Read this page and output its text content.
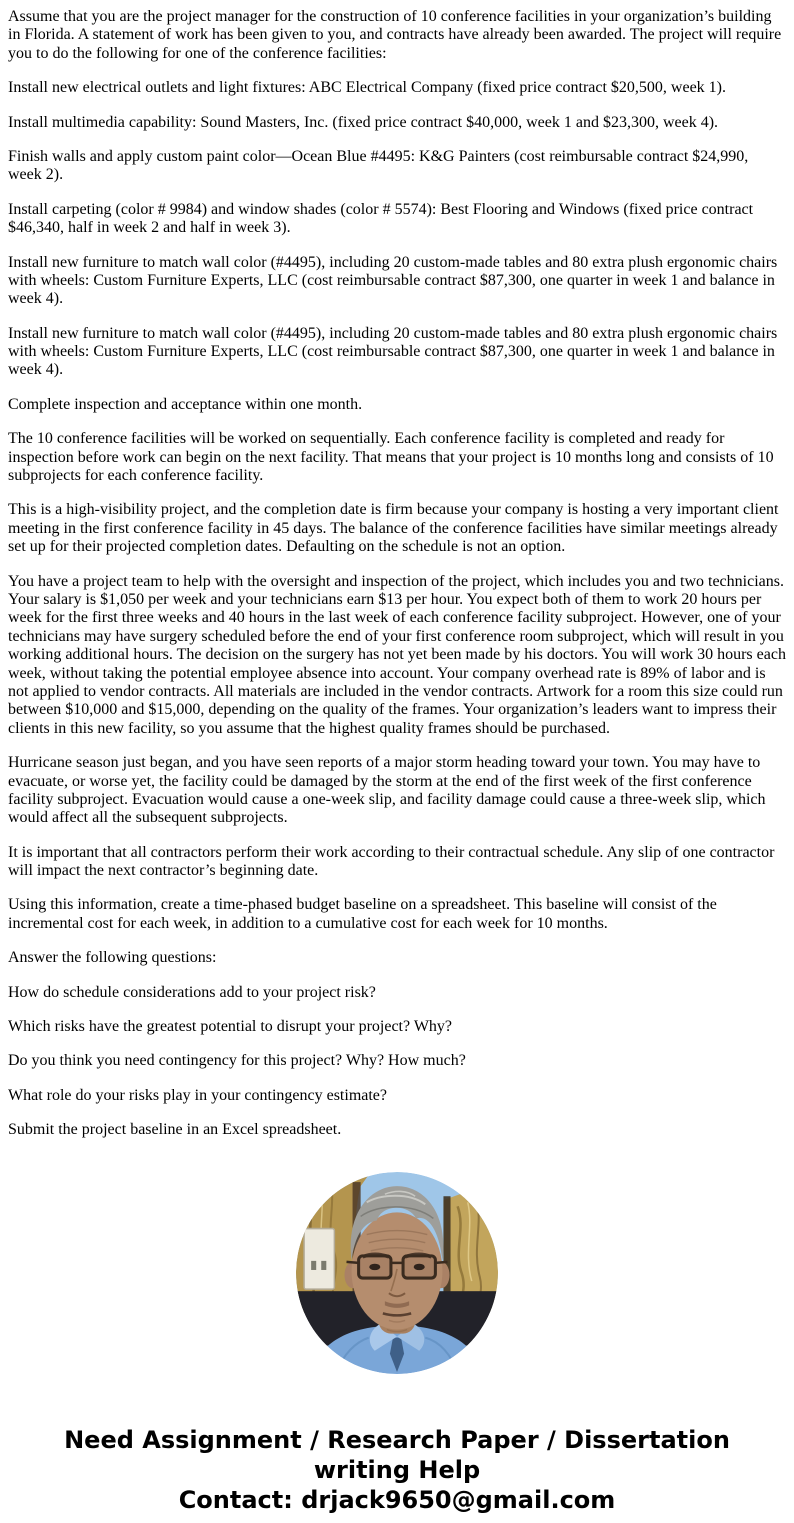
Assume that you are the project manager for the construction of 10 conference facilities in your organization’s building in Florida. A statement of work has been given to you, and contracts have already been awarded. The project will require you to do the following for one of the conference facilities:

Install new electrical outlets and light fixtures: ABC Electrical Company (fixed price contract $20,500, week 1).

Install multimedia capability: Sound Masters, Inc. (fixed price contract $40,000, week 1 and $23,300, week 4).

Finish walls and apply custom paint color—Ocean Blue #4495: K&G Painters (cost reimbursable contract $24,990, week 2).

Install carpeting (color # 9984) and window shades (color # 5574): Best Flooring and Windows (fixed price contract $46,340, half in week 2 and half in week 3).

Install new furniture to match wall color (#4495), including 20 custom-made tables and 80 extra plush ergonomic chairs with wheels: Custom Furniture Experts, LLC (cost reimbursable contract $87,300, one quarter in week 1 and balance in week 4).

Install new furniture to match wall color (#4495), including 20 custom-made tables and 80 extra plush ergonomic chairs with wheels: Custom Furniture Experts, LLC (cost reimbursable contract $87,300, one quarter in week 1 and balance in week 4).

Complete inspection and acceptance within one month.

The 10 conference facilities will be worked on sequentially. Each conference facility is completed and ready for inspection before work can begin on the next facility. That means that your project is 10 months long and consists of 10 subprojects for each conference facility.

This is a high-visibility project, and the completion date is firm because your company is hosting a very important client meeting in the first conference facility in 45 days. The balance of the conference facilities have similar meetings already set up for their projected completion dates. Defaulting on the schedule is not an option.

You have a project team to help with the oversight and inspection of the project, which includes you and two technicians. Your salary is $1,050 per week and your technicians earn $13 per hour. You expect both of them to work 20 hours per week for the first three weeks and 40 hours in the last week of each conference facility subproject. However, one of your technicians may have surgery scheduled before the end of your first conference room subproject, which will result in you working additional hours. The decision on the surgery has not yet been made by his doctors. You will work 30 hours each week, without taking the potential employee absence into account. Your company overhead rate is 89% of labor and is not applied to vendor contracts. All materials are included in the vendor contracts. Artwork for a room this size could run between $10,000 and $15,000, depending on the quality of the frames. Your organization’s leaders want to impress their clients in this new facility, so you assume that the highest quality frames should be purchased.

Hurricane season just began, and you have seen reports of a major storm heading toward your town. You may have to evacuate, or worse yet, the facility could be damaged by the storm at the end of the first week of the first conference facility subproject. Evacuation would cause a one-week slip, and facility damage could cause a three-week slip, which would affect all the subsequent subprojects.

It is important that all contractors perform their work according to their contractual schedule. Any slip of one contractor will impact the next contractor’s beginning date.

Using this information, create a time-phased budget baseline on a spreadsheet. This baseline will consist of the incremental cost for each week, in addition to a cumulative cost for each week for 10 months.

Answer the following questions:

How do schedule considerations add to your project risk?

Which risks have the greatest potential to disrupt your project? Why?

Do you think you need contingency for this project? Why? How much?

What role do your risks play in your contingency estimate?

Submit the project baseline in an Excel spreadsheet.

Need Assignment / Research Paper / Dissertation
writing Help
Contact: drjack9650@gmail.com
